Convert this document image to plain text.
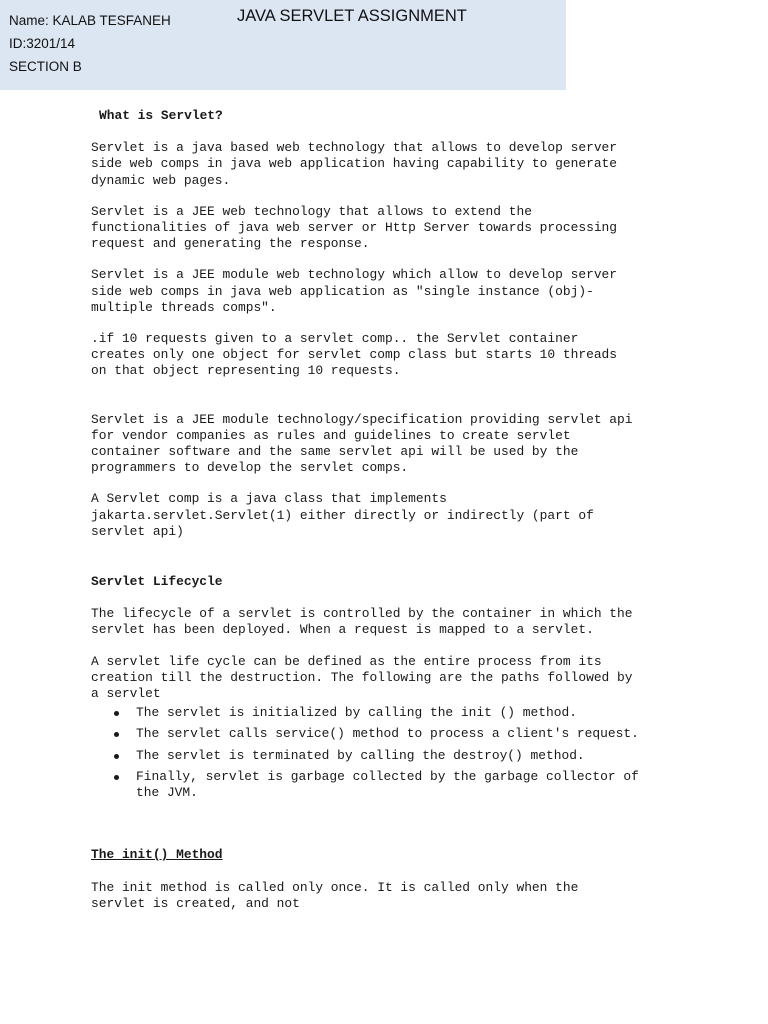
Name: KALAB TESFANEH
ID:3201/14
SECTION B
JAVA SERVLET ASSIGNMENT

What is Servlet?

Servlet is a java based web technology that allows to develop server
side web comps in java web application having capability to generate
dynamic web pages.

Servlet is a JEE web technology that allows to extend the
functionalities of java web server or Http Server towards processing
request and generating the response.

Servlet is a JEE module web technology which allow to develop server
side web comps in java web application as "single instance (obj)-
multiple threads comps".

.if 10 requests given to a servlet comp.. the Servlet container
creates only one object for servlet comp class but starts 10 threads
on that object representing 10 requests.

Servlet is a JEE module technology/specification providing servlet api
for vendor companies as rules and guidelines to create servlet
container software and the same servlet api will be used by the
programmers to develop the servlet comps.

A Servlet comp is a java class that implements
jakarta.servlet.Servlet(1) either directly or indirectly (part of
servlet api)

Servlet Lifecycle

The lifecycle of a servlet is controlled by the container in which the
servlet has been deployed. When a request is mapped to a servlet.

A servlet life cycle can be defined as the entire process from its
creation till the destruction. The following are the paths followed by
a servlet

The servlet is initialized by calling the init () method.
The servlet calls service() method to process a client's request.
The servlet is terminated by calling the destroy() method.
Finally, servlet is garbage collected by the garbage collector of
the JVM.

The init() Method

The init method is called only once. It is called only when the
servlet is created, and not
